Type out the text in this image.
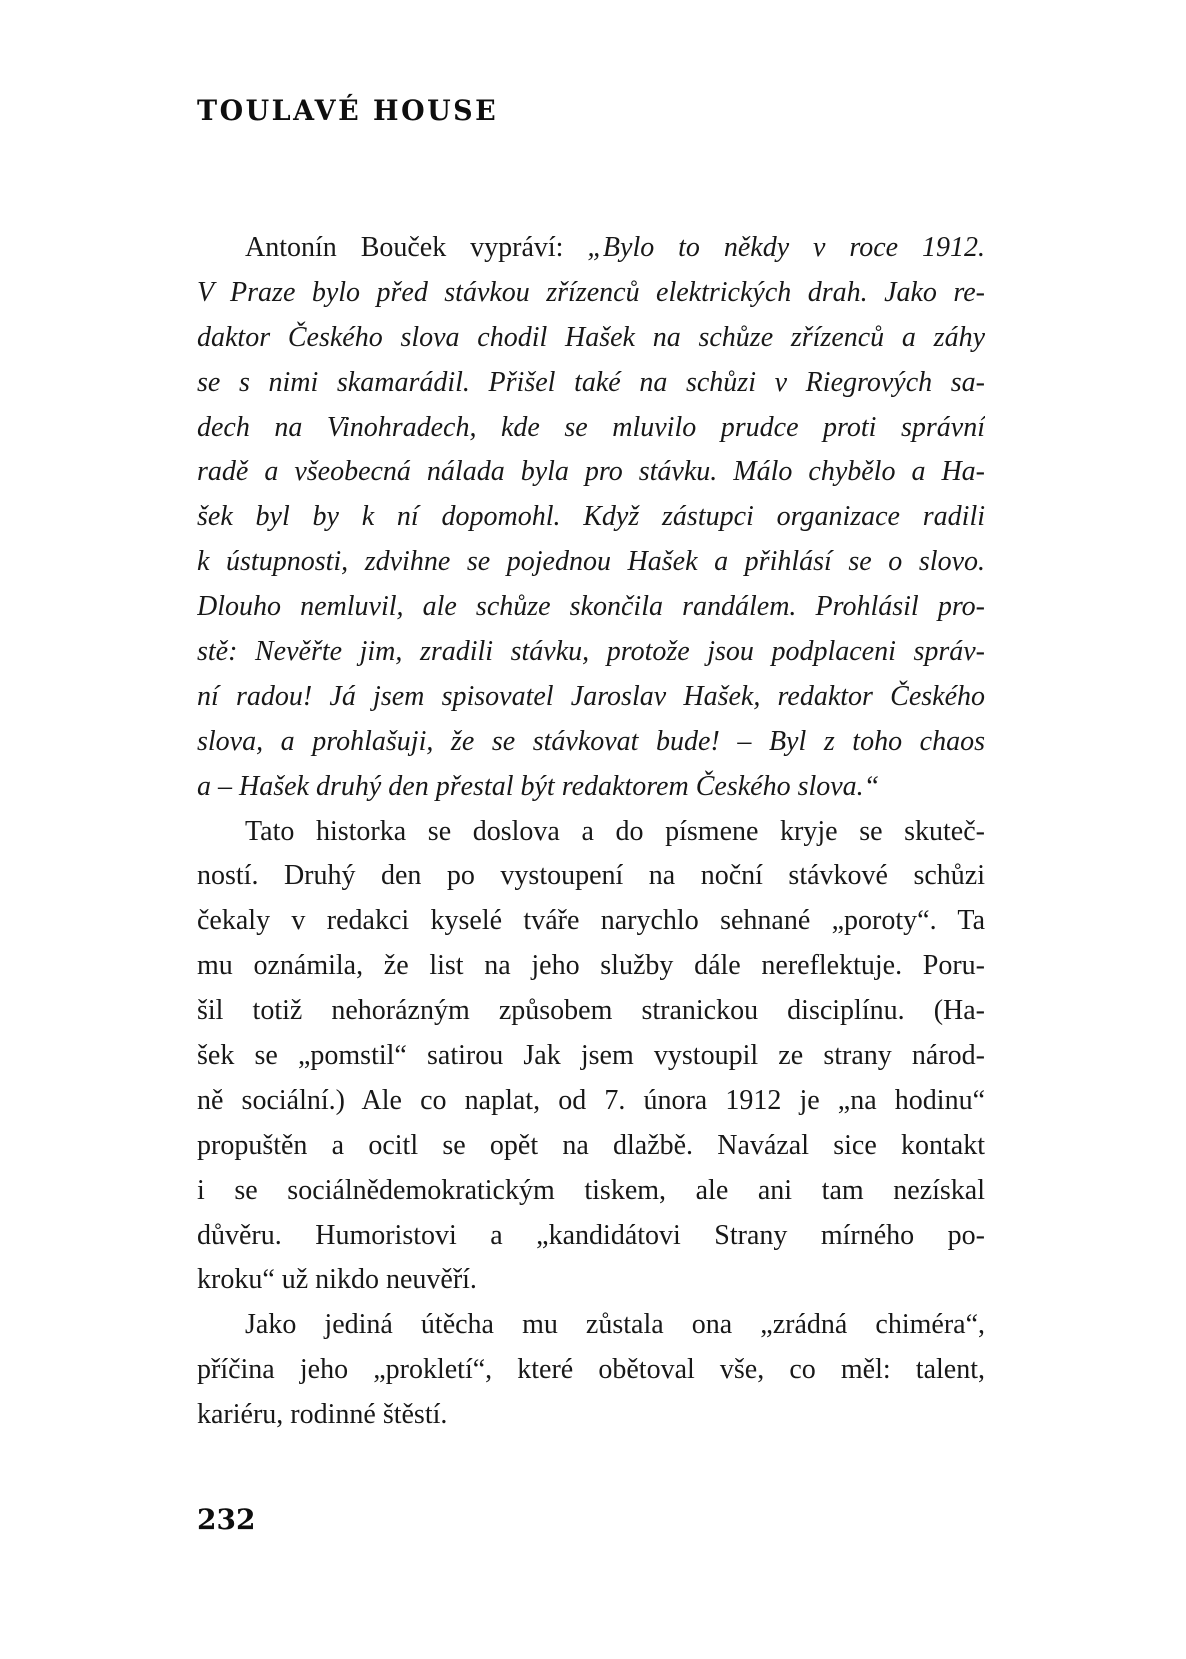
TOULAVÉ HOUSE
Antonín Bouček vypráví: „Bylo to někdy v roce 1912.
V Praze bylo před stávkou zřízenců elektrických drah. Jako re-
daktor Českého slova chodil Hašek na schůze zřízenců a záhy
se s nimi skamarádil. Přišel také na schůzi v Riegrových sa-
dech na Vinohradech, kde se mluvilo prudce proti správní
radě a všeobecná nálada byla pro stávku. Málo chybělo a Ha-
šek byl by k ní dopomohl. Když zástupci organizace radili
k ústupnosti, zdvihne se pojednou Hašek a přihlásí se o slovo.
Dlouho nemluvil, ale schůze skončila randálem. Prohlásil pro-
stě: Nevěřte jim, zradili stávku, protože jsou podplaceni správ-
ní radou! Já jsem spisovatel Jaroslav Hašek, redaktor Českého
slova, a prohlašuji, že se stávkovat bude! – Byl z toho chaos
a – Hašek druhý den přestal být redaktorem Českého slova.“
Tato historka se doslova a do písmene kryje se skuteč-
ností. Druhý den po vystoupení na noční stávkové schůzi
čekaly v redakci kyselé tváře narychlo sehnané „poroty“. Ta
mu oznámila, že list na jeho služby dále nereflektuje. Poru-
šil totiž nehorázným způsobem stranickou disciplínu. (Ha-
šek se „pomstil“ satirou Jak jsem vystoupil ze strany národ-
ně sociální.) Ale co naplat, od 7. února 1912 je „na hodinu“
propuštěn a ocitl se opět na dlažbě. Navázal sice kontakt
i se sociálnědemokratickým tiskem, ale ani tam nezískal
důvěru. Humoristovi a „kandidátovi Strany mírného po-
kroku“ už nikdo neuvěří.
Jako jediná útěcha mu zůstala ona „zrádná chiméra“,
příčina jeho „prokletí“, které obětoval vše, co měl: talent,
kariéru, rodinné štěstí.
232
